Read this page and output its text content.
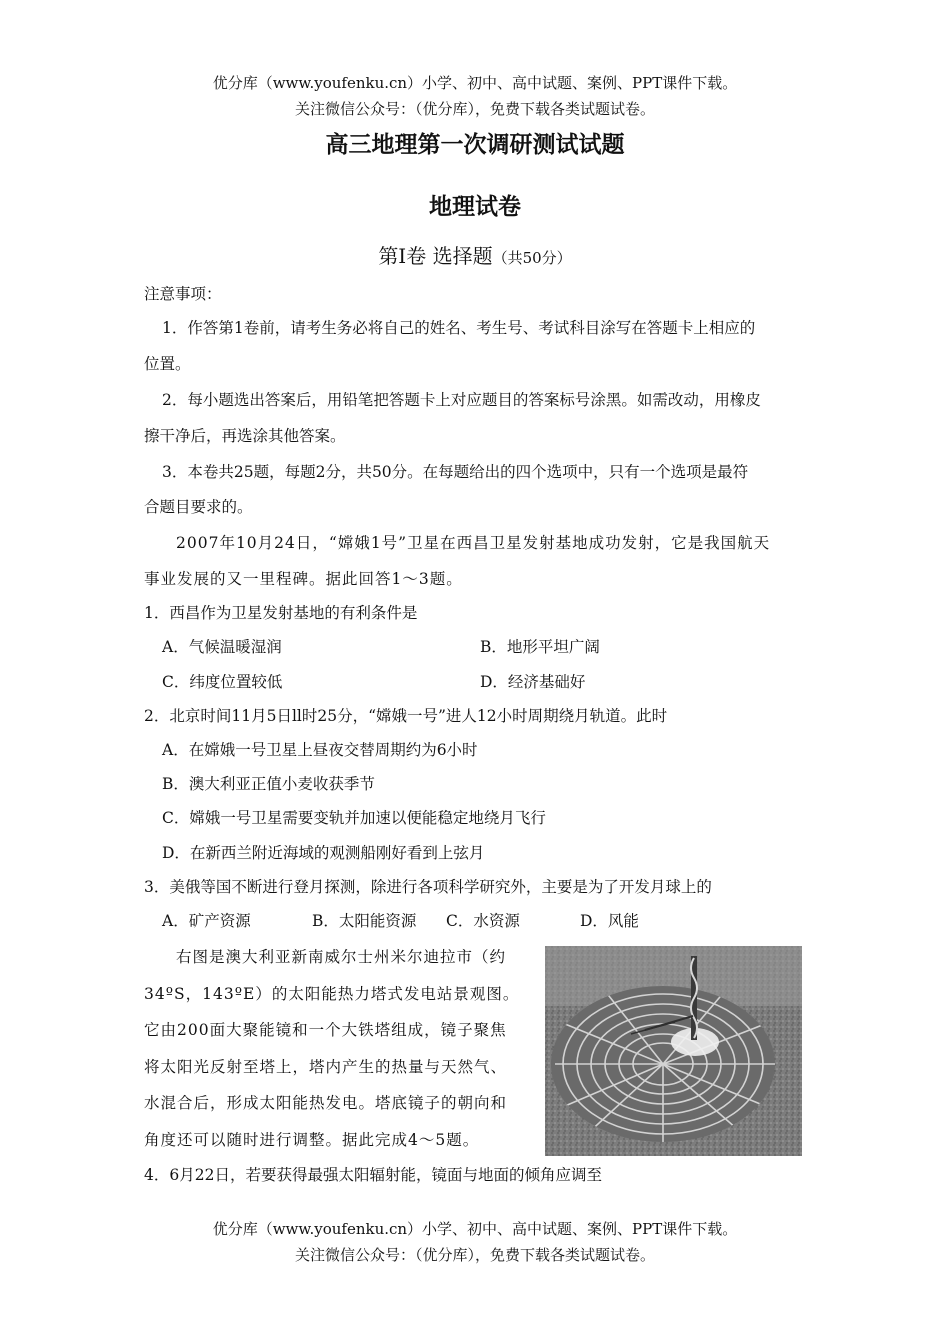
优分库（www.youfenku.cn）小学、初中、高中试题、案例、PPT课件下载。
关注微信公众号：（优分库），免费下载各类试题试卷。
高三地理第一次调研测试试题
地理试卷
第Ⅰ卷 选择题（共50分）
注意事项：
1．作答第1卷前，请考生务必将自己的姓名、考生号、考试科目涂写在答题卡上相应的
位置。
2．每小题选出答案后，用铅笔把答题卡上对应题目的答案标号涂黑。如需改动，用橡皮
擦干净后，再选涂其他答案。
3．本卷共25题，每题2分，共50分。在每题给出的四个选项中，只有一个选项是最符
合题目要求的。
2007年10月24日，“嫦娥1号”卫星在西昌卫星发射基地成功发射，它是我国航天
事业发展的又一里程碑。据此回答1～3题。
1．西昌作为卫星发射基地的有利条件是
A．气候温暖湿润	B．地形平坦广阔
C．纬度位置较低	D．经济基础好
2．北京时间11月5日ll时25分，“嫦娥一号”进人12小时周期绕月轨道。此时
A．在嫦娥一号卫星上昼夜交替周期约为6小时
B．澳大利亚正值小麦收获季节
C．嫦娥一号卫星需要变轨并加速以便能稳定地绕月飞行
D．在新西兰附近海域的观测船刚好看到上弦月
3．美俄等国不断进行登月探测，除进行各项科学研究外，主要是为了开发月球上的
A．矿产资源	B．太阳能资源 C．水资源	D．风能
右图是澳大利亚新南威尔士州米尔迪拉市（约
34ºS，143ºE）的太阳能热力塔式发电站景观图。
它由200面大聚能镜和一个大铁塔组成，镜子聚焦
将太阳光反射至塔上，塔内产生的热量与天然气、
水混合后，形成太阳能热发电。塔底镜子的朝向和
角度还可以随时进行调整。据此完成4～5题。
4．6月22日，若要获得最强太阳辐射能，镜面与地面的倾角应调至
优分库（www.youfenku.cn）小学、初中、高中试题、案例、PPT课件下载。
关注微信公众号：（优分库），免费下载各类试题试卷。
